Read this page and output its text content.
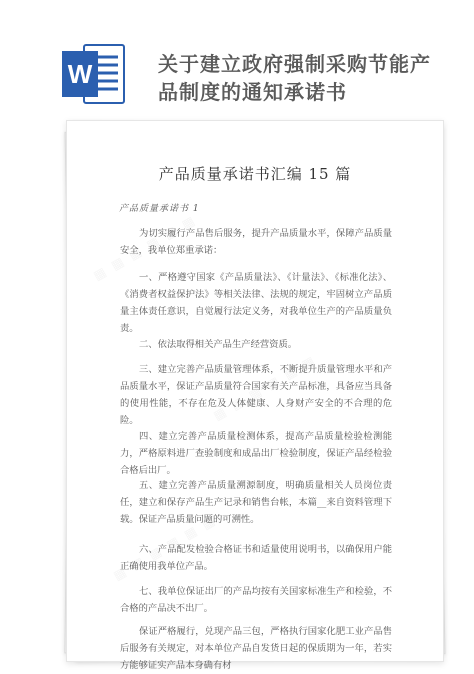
W	关于建立政府强制采购节能产
品制度的通知承诺书
产品质量承诺书汇编 15 篇
产品质量承诺书 1

为切实履行产品售后服务，提升产品质量水平，保障产品质量安全，我单位郑重承诺：

一、严格遵守国家《产品质量法》、《计量法》、《标准化法》、《消费者权益保护法》等相关法律、法规的规定，牢固树立产品质量主体责任意识，自觉履行法定义务，对我单位生产的产品质量负责。

二、依法取得相关产品生产经营资质。

三、建立完善产品质量管理体系，不断提升质量管理水平和产品质量水平，保证产品质量符合国家有关产品标准，具备应当具备的使用性能，不存在危及人体健康、人身财产安全的不合理的危险。

四、建立完善产品质量检测体系，提高产品质量检验检测能力，严格原料进厂查验制度和成品出厂检验制度，保证产品经检验合格后出厂。

五、建立完善产品质量溯源制度，明确质量相关人员岗位责任，建立和保存产品生产记录和销售台帐，本篇__来自资料管理下载。保证产品质量问题的可溯性。

六、产品配发检验合格证书和适量使用说明书，以确保用户能正确使用我单位产品。

七、我单位保证出厂的产品均按有关国家标准生产和检验，不合格的产品决不出厂。

保证严格履行，兑现产品三包，严格执行国家化肥工业产品售后服务有关规定，对本单位产品自发货日起的保质期为一年，若实方能够证实产品本身确有材
